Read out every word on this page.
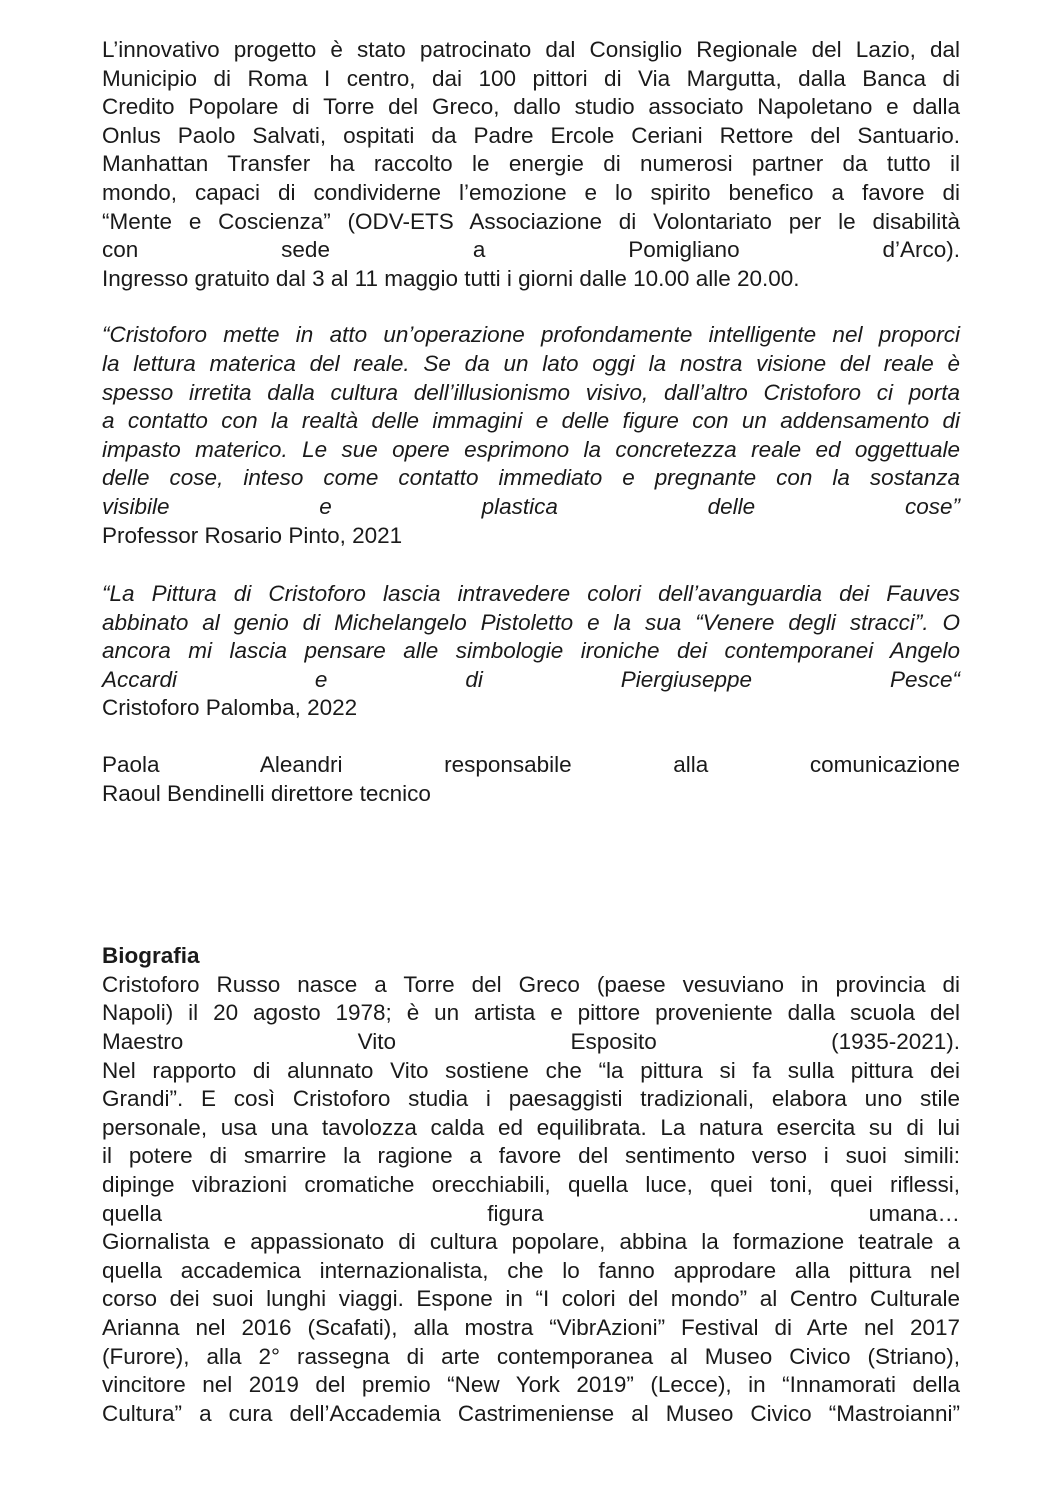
L’innovativo progetto è stato patrocinato dal Consiglio Regionale del Lazio, dal
Municipio di Roma I centro, dai 100 pittori di Via Margutta, dalla Banca di
Credito Popolare di Torre del Greco, dallo studio associato Napoletano e dalla
Onlus Paolo Salvati, ospitati da Padre Ercole Ceriani Rettore del Santuario.
Manhattan Transfer ha raccolto le energie di numerosi partner da tutto il
mondo, capaci di condividerne l’emozione e lo spirito benefico a favore di
“Mente e Coscienza” (ODV-ETS Associazione di Volontariato per le disabilità
con sede a Pomigliano d’Arco).
Ingresso gratuito dal 3 al 11 maggio tutti i giorni dalle 10.00 alle 20.00.
“Cristoforo mette in atto un’operazione profondamente intelligente nel proporci
la lettura materica del reale. Se da un lato oggi la nostra visione del reale è
spesso irretita dalla cultura dell’illusionismo visivo, dall’altro Cristoforo ci porta
a contatto con la realtà delle immagini e delle figure con un addensamento di
impasto materico. Le sue opere esprimono la concretezza reale ed oggettuale
delle cose, inteso come contatto immediato e pregnante con la sostanza
visibile e plastica delle cose”
Professor Rosario Pinto, 2021
“La Pittura di Cristoforo lascia intravedere colori dell’avanguardia dei Fauves
abbinato al genio di Michelangelo Pistoletto e la sua “Venere degli stracci”. O
ancora mi lascia pensare alle simbologie ironiche dei contemporanei Angelo
Accardi e di Piergiuseppe Pesce“
Cristoforo Palomba, 2022
Paola Aleandri responsabile alla comunicazione
Raoul Bendinelli direttore tecnico
Biografia
Cristoforo Russo nasce a Torre del Greco (paese vesuviano in provincia di
Napoli) il 20 agosto 1978; è un artista e pittore proveniente dalla scuola del
Maestro Vito Esposito (1935-2021).
Nel rapporto di alunnato Vito sostiene che “la pittura si fa sulla pittura dei
Grandi”. E così Cristoforo studia i paesaggisti tradizionali, elabora uno stile
personale, usa una tavolozza calda ed equilibrata. La natura esercita su di lui
il potere di smarrire la ragione a favore del sentimento verso i suoi simili:
dipinge vibrazioni cromatiche orecchiabili, quella luce, quei toni, quei riflessi,
quella figura umana…
Giornalista e appassionato di cultura popolare, abbina la formazione teatrale a
quella accademica internazionalista, che lo fanno approdare alla pittura nel
corso dei suoi lunghi viaggi. Espone in “I colori del mondo” al Centro Culturale
Arianna nel 2016 (Scafati), alla mostra “VibrAzioni” Festival di Arte nel 2017
(Furore), alla 2° rassegna di arte contemporanea al Museo Civico (Striano),
vincitore nel 2019 del premio “New York 2019” (Lecce), in “Innamorati della
Cultura” a cura dell’Accademia Castrimeniense al Museo Civico “Mastroianni”
